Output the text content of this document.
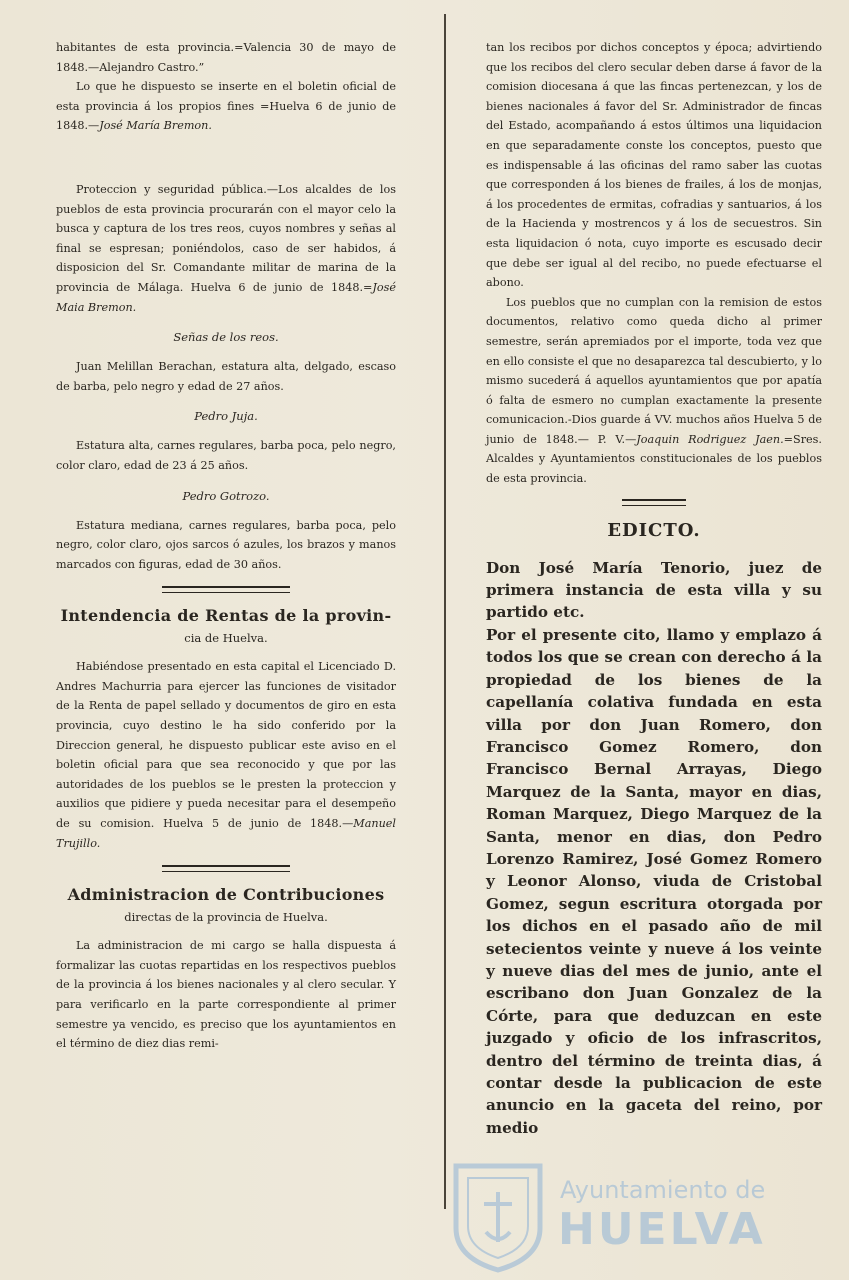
habitantes de esta provincia.=Valencia 30 de mayo de 1848.—Alejandro Castro.”

Lo que he dispuesto se inserte en el boletin oficial de esta provincia á los propios fines =Huelva 6 de junio de 1848.—José María Bremon.

Proteccion y seguridad pública.—Los alcaldes de los pueblos de esta provincia procurarán con el mayor celo la busca y captura de los tres reos, cuyos nombres y señas al final se espresan; poniéndolos, caso de ser habidos, á disposicion del Sr. Comandante militar de marina de la provincia de Málaga. Huelva 6 de junio de 1848.=José Maia Bremon.

Señas de los reos.

Juan Melillan Berachan, estatura alta, delgado, escaso de barba, pelo negro y edad de 27 años.

Pedro Juja.

Estatura alta, carnes regulares, barba poca, pelo negro, color claro, edad de 23 á 25 años.

Pedro Gotrozo.

Estatura mediana, carnes regulares, barba poca, pelo negro, color claro, ojos sarcos ó azules, los brazos y manos marcados con figuras, edad de 30 años.

Intendencia de Rentas de la provin-

cia de Huelva.

Habiéndose presentado en esta capital el Licenciado D. Andres Machurria para ejercer las funciones de visitador de la Renta de papel sellado y documentos de giro en esta provincia, cuyo destino le ha sido conferido por la Direccion general, he dispuesto publicar este aviso en el boletin oficial para que sea reconocido y que por las autoridades de los pueblos se le presten la proteccion y auxilios que pidiere y pueda necesitar para el desempeño de su comision. Huelva 5 de junio de 1848.—Manuel Trujillo.

Administracion de Contribuciones

directas de la provincia de Huelva.

La administracion de mi cargo se halla dispuesta á formalizar las cuotas repartidas en los respectivos pueblos de la provincia á los bienes nacionales y al clero secular. Y para verificarlo en la parte correspondiente al primer semestre ya vencido, es preciso que los ayuntamientos en el término de diez dias remi-

tan los recibos por dichos conceptos y época; advirtiendo que los recibos del clero secular deben darse á favor de la comision diocesana á que las fincas pertenezcan, y los de bienes nacionales á favor del Sr. Administrador de fincas del Estado, acompañando á estos últimos una liquidacion en que separadamente conste los conceptos, puesto que es indispensable á las oficinas del ramo saber las cuotas que corresponden á los bienes de frailes, á los de monjas, á los procedentes de ermitas, cofradias y santuarios, á los de la Hacienda y mostrencos y á los de secuestros. Sin esta liquidacion ó nota, cuyo importe es escusado decir que debe ser igual al del recibo, no puede efectuarse el abono.

Los pueblos que no cumplan con la remision de estos documentos, relativo como queda dicho al primer semestre, serán apremiados por el importe, toda vez que en ello consiste el que no desaparezca tal descubierto, y lo mismo sucederá á aquellos ayuntamientos que por apatía ó falta de esmero no cumplan exactamente la presente comunicacion.-Dios guarde á VV. muchos años Huelva 5 de junio de 1848.— P. V.—Joaquin Rodriguez Jaen.=Sres. Alcaldes y Ayuntamientos constitucionales de los pueblos de esta provincia.

EDICTO.

Don José María Tenorio, juez de primera instancia de esta villa y su partido etc.

Por el presente cito, llamo y emplazo á todos los que se crean con derecho á la propiedad de los bienes de la capellanía colativa fundada en esta villa por don Juan Romero, don Francisco Gomez Romero, don Francisco Bernal Arrayas, Diego Marquez de la Santa, mayor en dias, Roman Marquez, Diego Marquez de la Santa, menor en dias, don Pedro Lorenzo Ramirez, José Gomez Romero y Leonor Alonso, viuda de Cristobal Gomez, segun escritura otorgada por los dichos en el pasado año de mil setecientos veinte y nueve á los veinte y nueve dias del mes de junio, ante el escribano don Juan Gonzalez de la Córte, para que deduzcan en este juzgado y oficio de los infrascritos, dentro del término de treinta dias, á contar desde la publicacion de este anuncio en la gaceta del reino, por medio

Ayuntamiento de
HUELVA
